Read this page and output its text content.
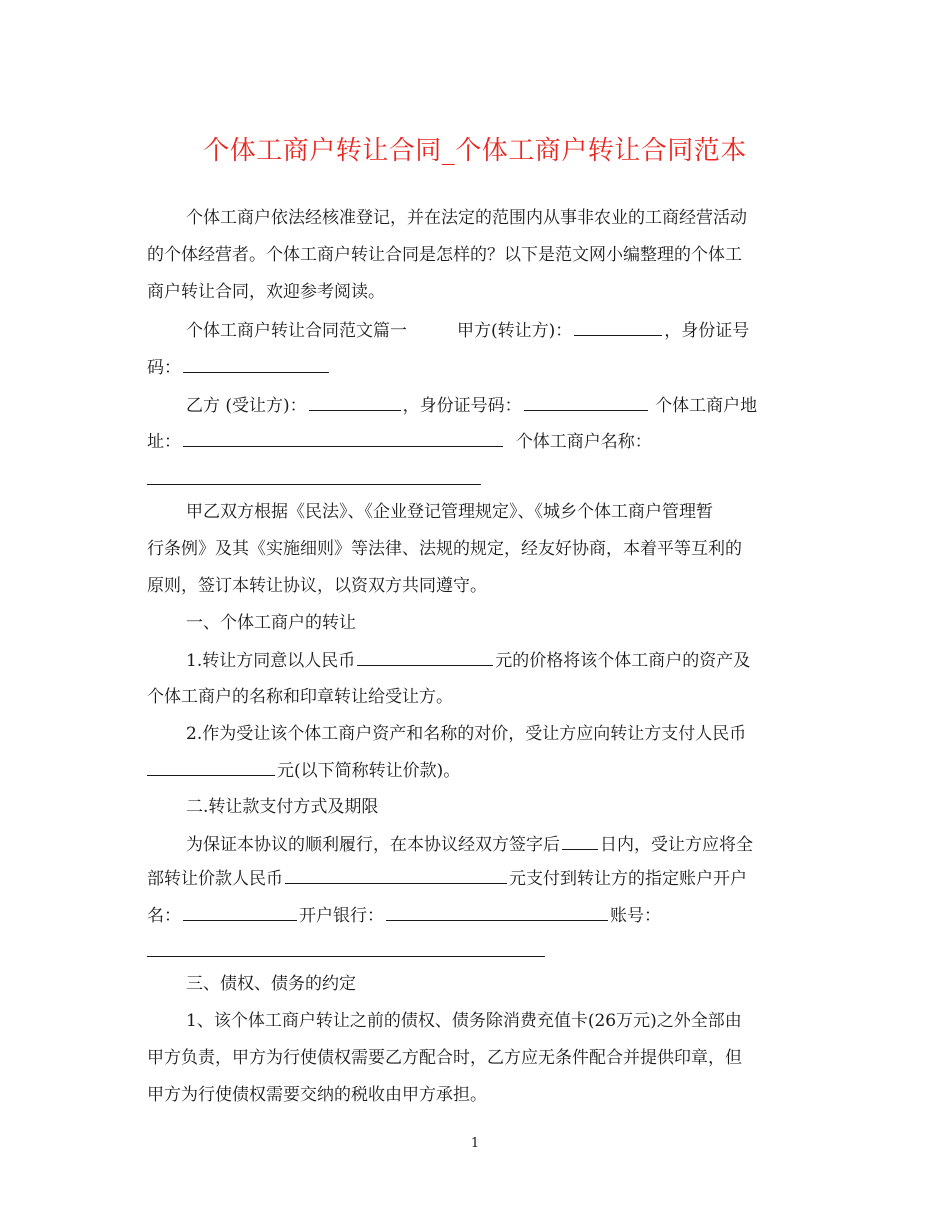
个体工商户转让合同_个体工商户转让合同范本
个体工商户依法经核准登记，并在法定的范围内从事非农业的工商经营活动
的个体经营者。个体工商户转让合同是怎样的？以下是范文网小编整理的个体工
商户转让合同，欢迎参考阅读。
个体工商户转让合同范文篇一	甲方(转让方)：	，身份证号
码：
乙方 (受让方)：	，身份证号码：	个体工商户地
址：	个体工商户名称：
甲乙双方根据《民法》、《企业登记管理规定》、《城乡个体工商户管理暂
行条例》及其《实施细则》等法律、法规的规定，经友好协商，本着平等互利的
原则，签订本转让协议，以资双方共同遵守。
一、个体工商户的转让
1.转让方同意以人民币	元的价格将该个体工商户的资产及
个体工商户的名称和印章转让给受让方。
2.作为受让该个体工商户资产和名称的对价，受让方应向转让方支付人民币
元(以下简称转让价款)。
二.转让款支付方式及期限
为保证本协议的顺利履行，在本协议经双方签字后 日内，受让方应将全
部转让价款人民币	元支付到转让方的指定账户开户
名：	开户银行：	账号：
三、债权、债务的约定
1、该个体工商户转让之前的债权、债务除消费充值卡(26万元)之外全部由
甲方负责，甲方为行使债权需要乙方配合时，乙方应无条件配合并提供印章，但
甲方为行使债权需要交纳的税收由甲方承担。
1
